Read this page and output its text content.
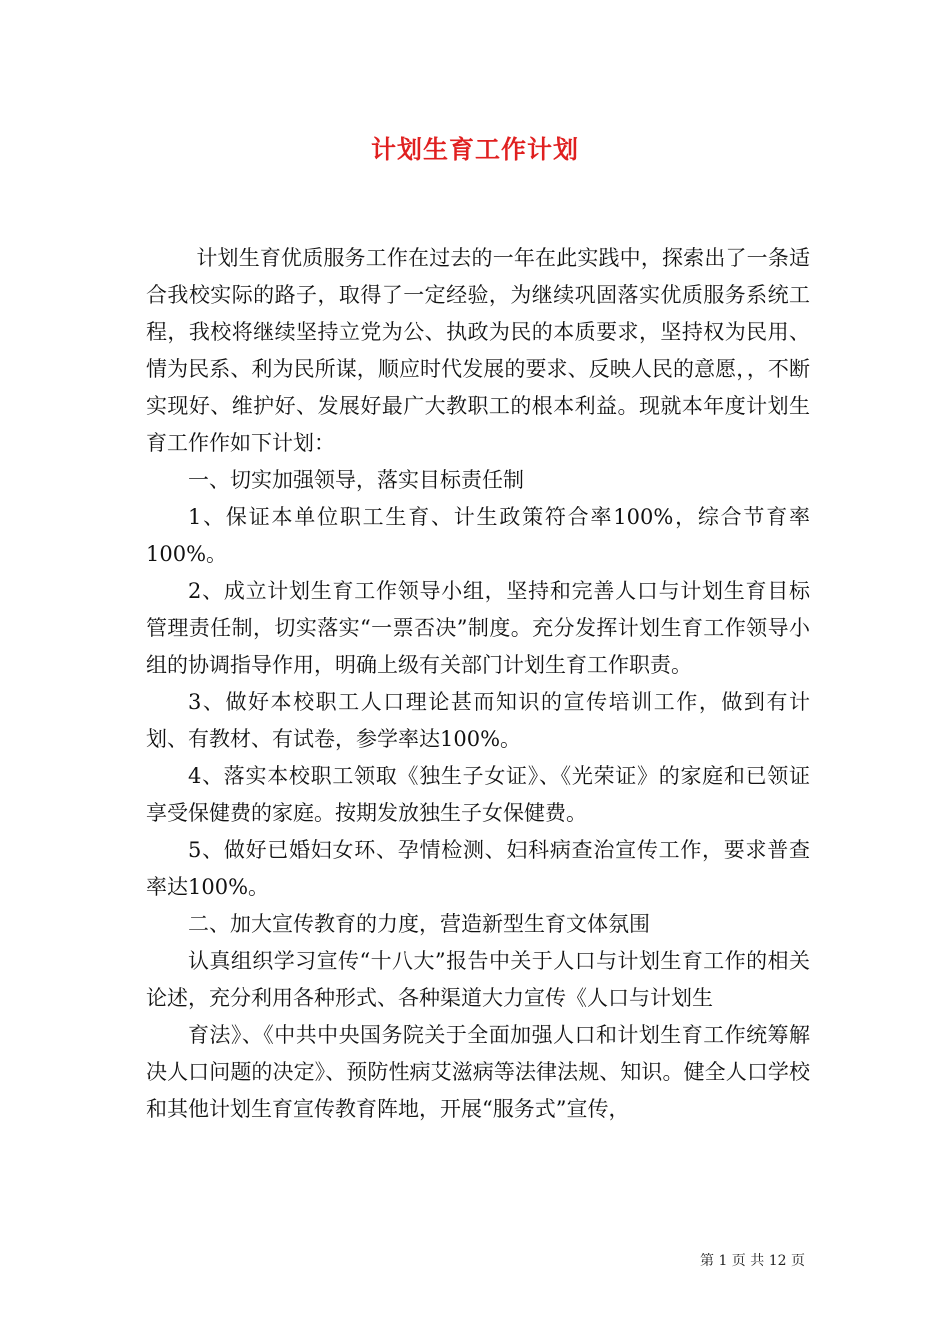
计划生育工作计划

计划生育优质服务工作在过去的一年在此实践中，探索出了一条适合我校实际的路子，取得了一定经验，为继续巩固落实优质服务系统工程，我校将继续坚持立党为公、执政为民的本质要求，坚持权为民用、情为民系、利为民所谋，顺应时代发展的要求、反映人民的意愿，，不断实现好、维护好、发展好最广大教职工的根本利益。现就本年度计划生育工作作如下计划：

一、切实加强领导，落实目标责任制

1、保证本单位职工生育、计生政策符合率100%，综合节育率100%。

2、成立计划生育工作领导小组，坚持和完善人口与计划生育目标管理责任制，切实落实“一票否决”制度。充分发挥计划生育工作领导小组的协调指导作用，明确上级有关部门计划生育工作职责。

3、做好本校职工人口理论甚而知识的宣传培训工作，做到有计划、有教材、有试卷，参学率达100%。

4、落实本校职工领取《独生子女证》、《光荣证》的家庭和已领证享受保健费的家庭。按期发放独生子女保健费。

5、做好已婚妇女环、孕情检测、妇科病查治宣传工作，要求普查率达100%。

二、加大宣传教育的力度，营造新型生育文体氛围

认真组织学习宣传“十八大”报告中关于人口与计划生育工作的相关论述，充分利用各种形式、各种渠道大力宣传《人口与计划生

育法》、《中共中央国务院关于全面加强人口和计划生育工作统筹解决人口问题的决定》、预防性病艾滋病等法律法规、知识。健全人口学校和其他计划生育宣传教育阵地，开展“服务式”宣传，

第 1 页 共 12 页
